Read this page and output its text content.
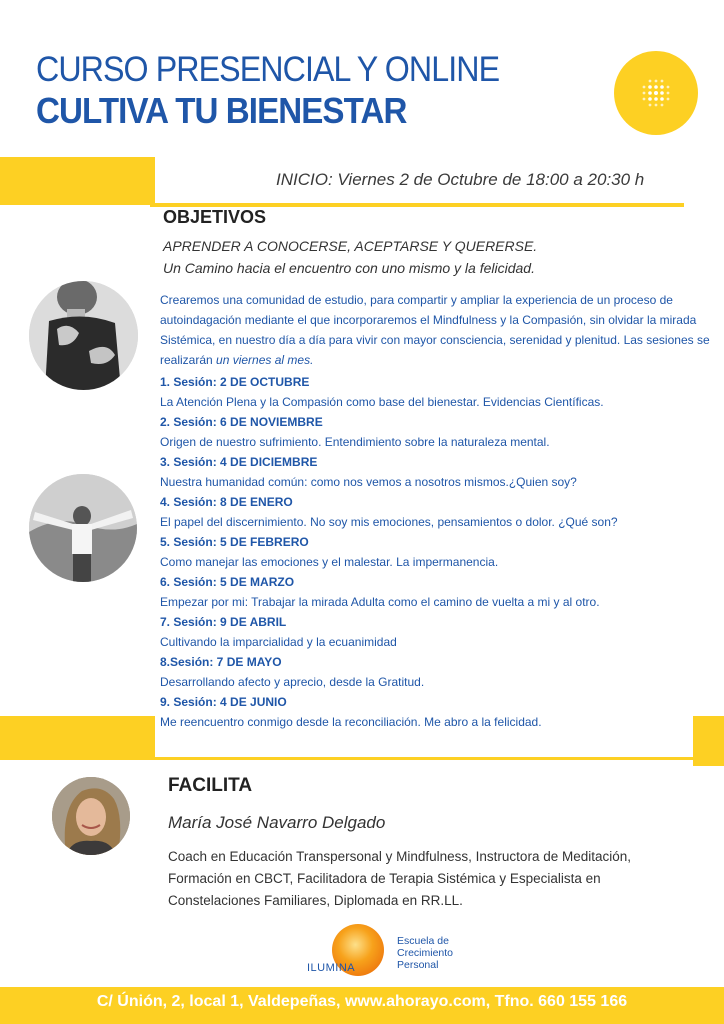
CURSO PRESENCIAL Y ONLINE
CULTIVA TU BIENESTAR
INICIO: Viernes 2 de Octubre de 18:00 a 20:30 h
OBJETIVOS
APRENDER A CONOCERSE, ACEPTARSE Y QUERERSE.
Un Camino hacia el encuentro con uno mismo y la felicidad.
Crearemos una comunidad de estudio, para compartir y ampliar la experiencia de un proceso de autoindagación mediante el que incorporaremos el Mindfulness y la Compasión, sin olvidar la mirada Sistémica, en nuestro día a día para vivir con mayor consciencia, serenidad y plenitud. Las sesiones se realizarán un viernes al mes.
1. Sesión: 2 DE OCTUBRE
La Atención Plena y la Compasión como base del bienestar. Evidencias Científicas.
2. Sesión: 6 DE NOVIEMBRE
Origen de nuestro sufrimiento. Entendimiento sobre la naturaleza mental.
3. Sesión: 4 DE DICIEMBRE
Nuestra humanidad común: como nos vemos a nosotros mismos.¿Quien soy?
4. Sesión: 8 DE ENERO
El papel del discernimiento. No soy mis emociones, pensamientos o dolor. ¿Qué son?
5. Sesión: 5 DE FEBRERO
Como manejar las emociones y el malestar. La impermanencia.
6. Sesión: 5 DE MARZO
Empezar por mi: Trabajar la mirada Adulta como el camino de vuelta a mi y al otro.
7. Sesión: 9 DE ABRIL
Cultivando la imparcialidad y la ecuanimidad
8.Sesión: 7 DE MAYO
Desarrollando afecto y aprecio, desde la Gratitud.
9. Sesión: 4 DE JUNIO
Me reencuentro conmigo desde la reconciliación. Me abro a la felicidad.
FACILITA
María José Navarro Delgado
Coach en Educación Transpersonal y Mindfulness, Instructora de Meditación, Formación en CBCT, Facilitadora de Terapia Sistémica y Especialista en Constelaciones Familiares, Diplomada en RR.LL.
ILUMINA
Escuela de
Crecimiento
Personal
C/ Únión, 2, local 1, Valdepeñas, www.ahorayo.com, Tfno. 660 155 166
